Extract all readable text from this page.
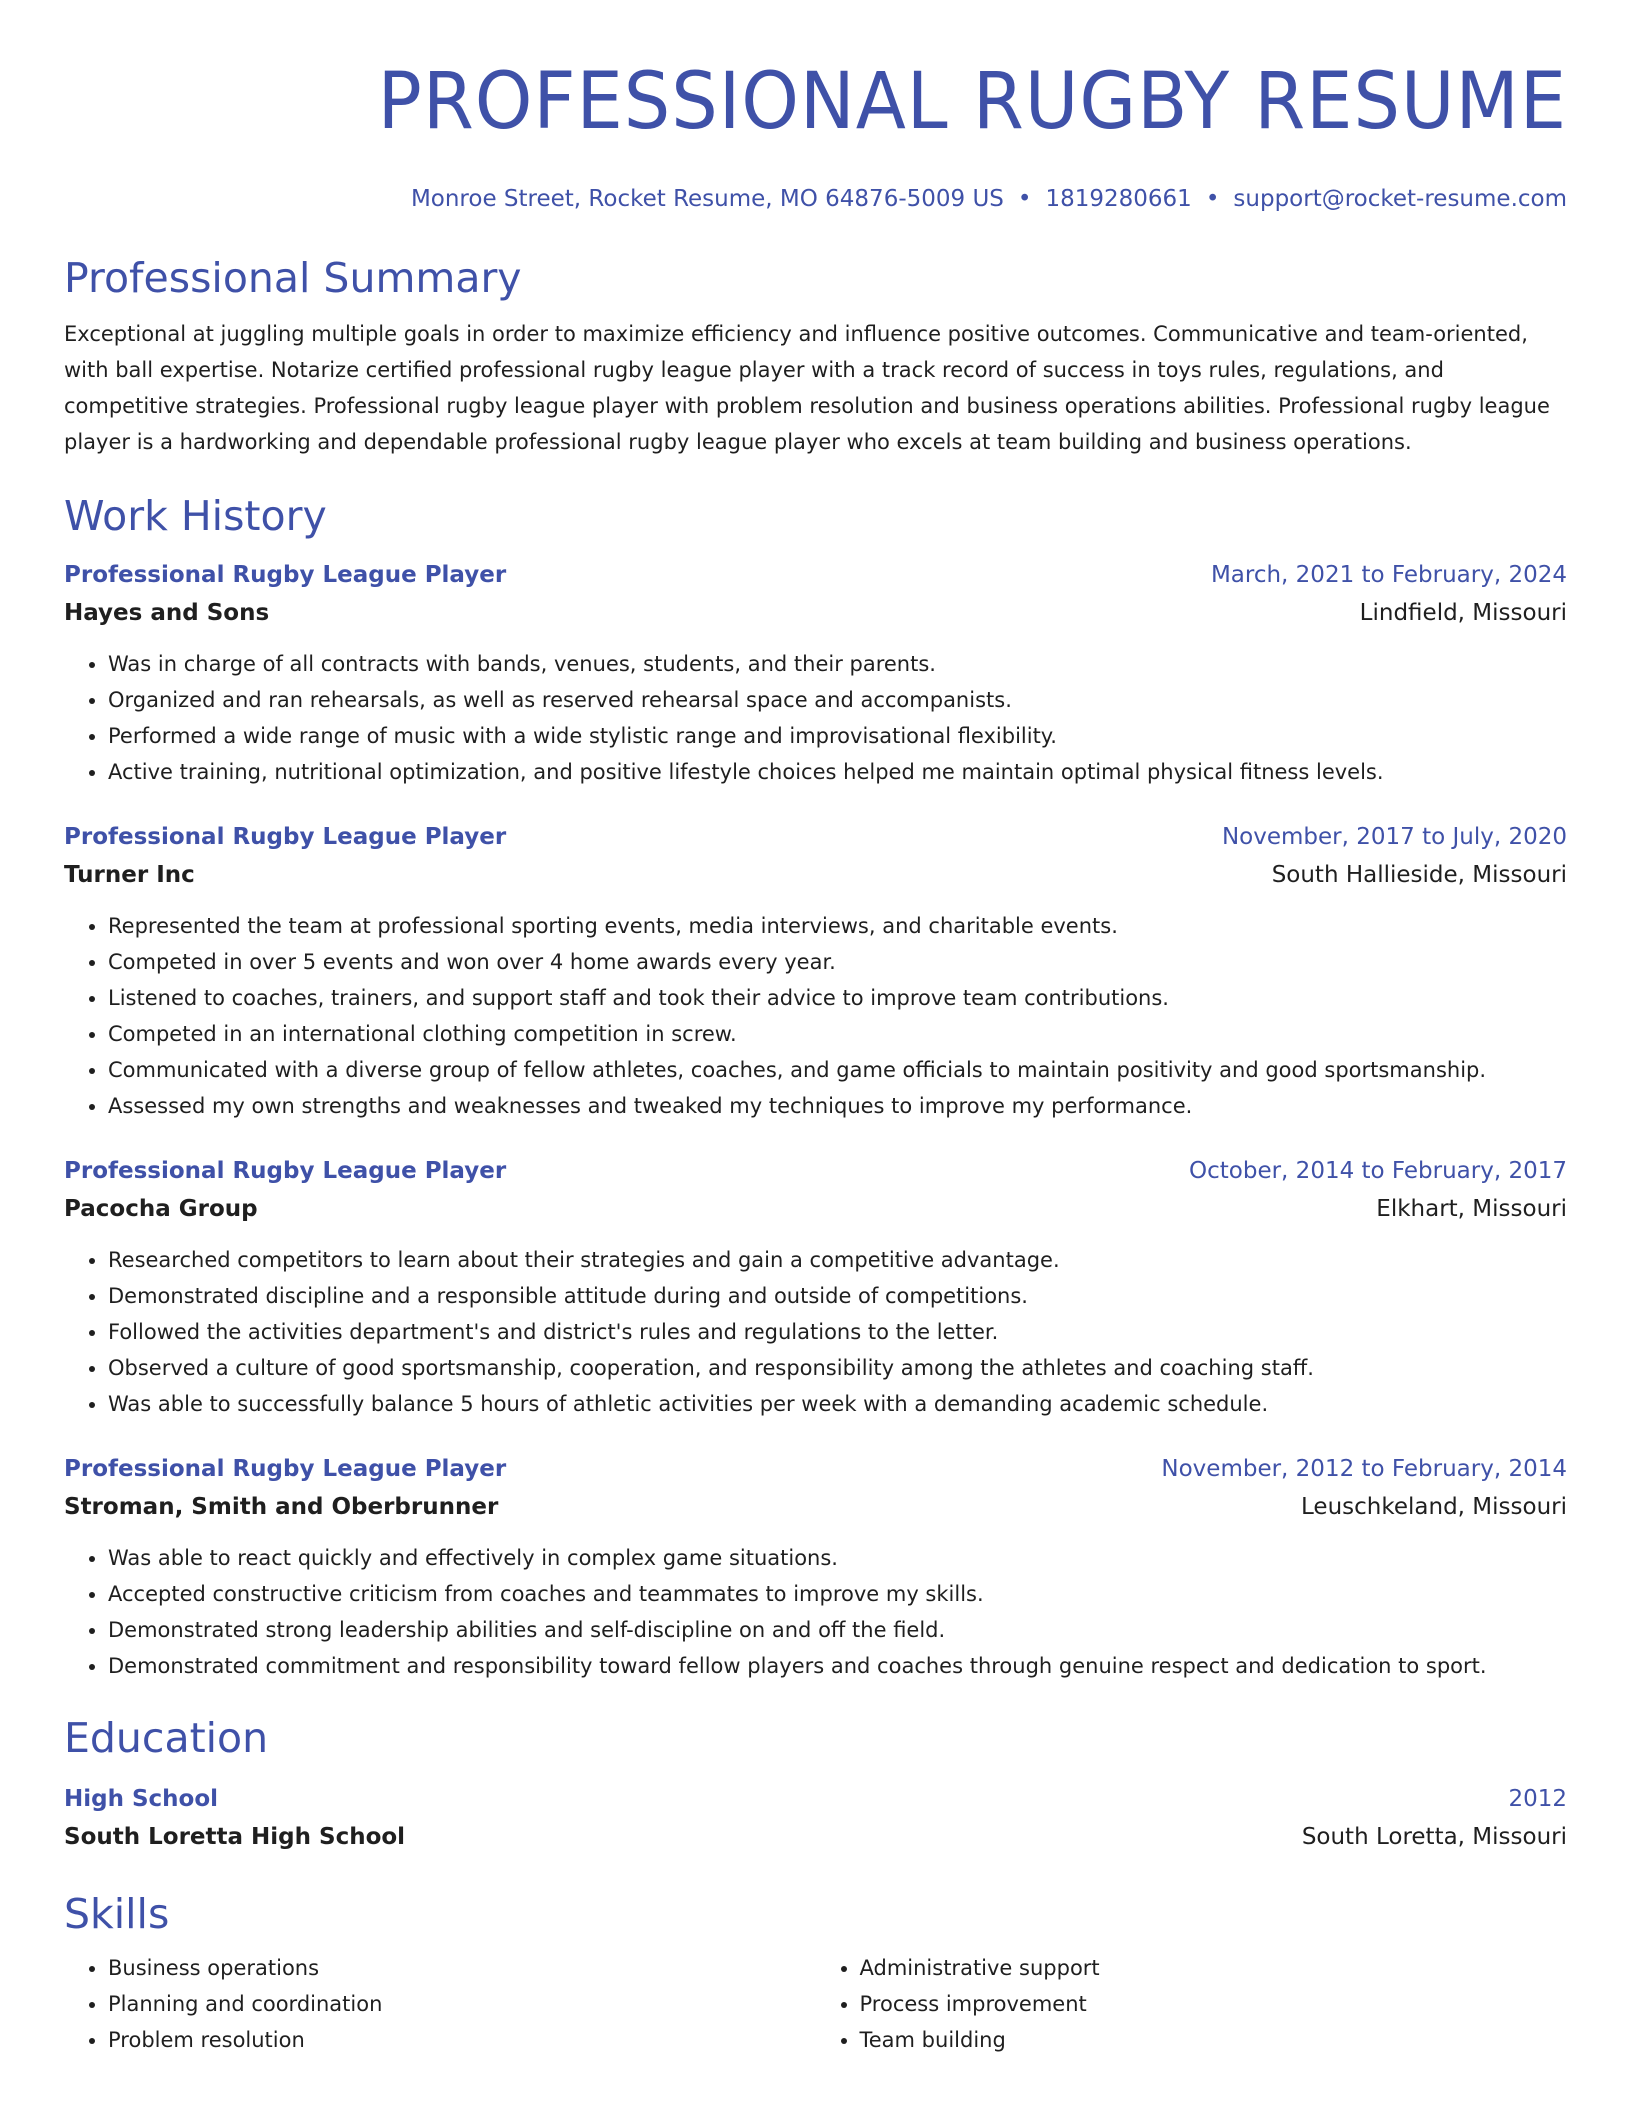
PROFESSIONAL RUGBY RESUME
Monroe Street, Rocket Resume, MO 64876-5009 US • 1819280661 • support@rocket-resume.com
Professional Summary
Exceptional at juggling multiple goals in order to maximize efficiency and influence positive outcomes. Communicative and team-oriented, with ball expertise. Notarize certified professional rugby league player with a track record of success in toys rules, regulations, and competitive strategies. Professional rugby league player with problem resolution and business operations abilities. Professional rugby league player is a hardworking and dependable professional rugby league player who excels at team building and business operations.
Work History
Professional Rugby League Player	March, 2021 to February, 2024
Hayes and Sons	Lindfield, Missouri
• Was in charge of all contracts with bands, venues, students, and their parents.
• Organized and ran rehearsals, as well as reserved rehearsal space and accompanists.
• Performed a wide range of music with a wide stylistic range and improvisational flexibility.
• Active training, nutritional optimization, and positive lifestyle choices helped me maintain optimal physical fitness levels.
Professional Rugby League Player	November, 2017 to July, 2020
Turner Inc	South Hallieside, Missouri
• Represented the team at professional sporting events, media interviews, and charitable events.
• Competed in over 5 events and won over 4 home awards every year.
• Listened to coaches, trainers, and support staff and took their advice to improve team contributions.
• Competed in an international clothing competition in screw.
• Communicated with a diverse group of fellow athletes, coaches, and game officials to maintain positivity and good sportsmanship.
• Assessed my own strengths and weaknesses and tweaked my techniques to improve my performance.
Professional Rugby League Player	October, 2014 to February, 2017
Pacocha Group	Elkhart, Missouri
• Researched competitors to learn about their strategies and gain a competitive advantage.
• Demonstrated discipline and a responsible attitude during and outside of competitions.
• Followed the activities department's and district's rules and regulations to the letter.
• Observed a culture of good sportsmanship, cooperation, and responsibility among the athletes and coaching staff.
• Was able to successfully balance 5 hours of athletic activities per week with a demanding academic schedule.
Professional Rugby League Player	November, 2012 to February, 2014
Stroman, Smith and Oberbrunner	Leuschkeland, Missouri
• Was able to react quickly and effectively in complex game situations.
• Accepted constructive criticism from coaches and teammates to improve my skills.
• Demonstrated strong leadership abilities and self-discipline on and off the field.
• Demonstrated commitment and responsibility toward fellow players and coaches through genuine respect and dedication to sport.
Education
High School	2012
South Loretta High School	South Loretta, Missouri
Skills
• Business operations
• Planning and coordination
• Problem resolution
• Administrative support
• Process improvement
• Team building
